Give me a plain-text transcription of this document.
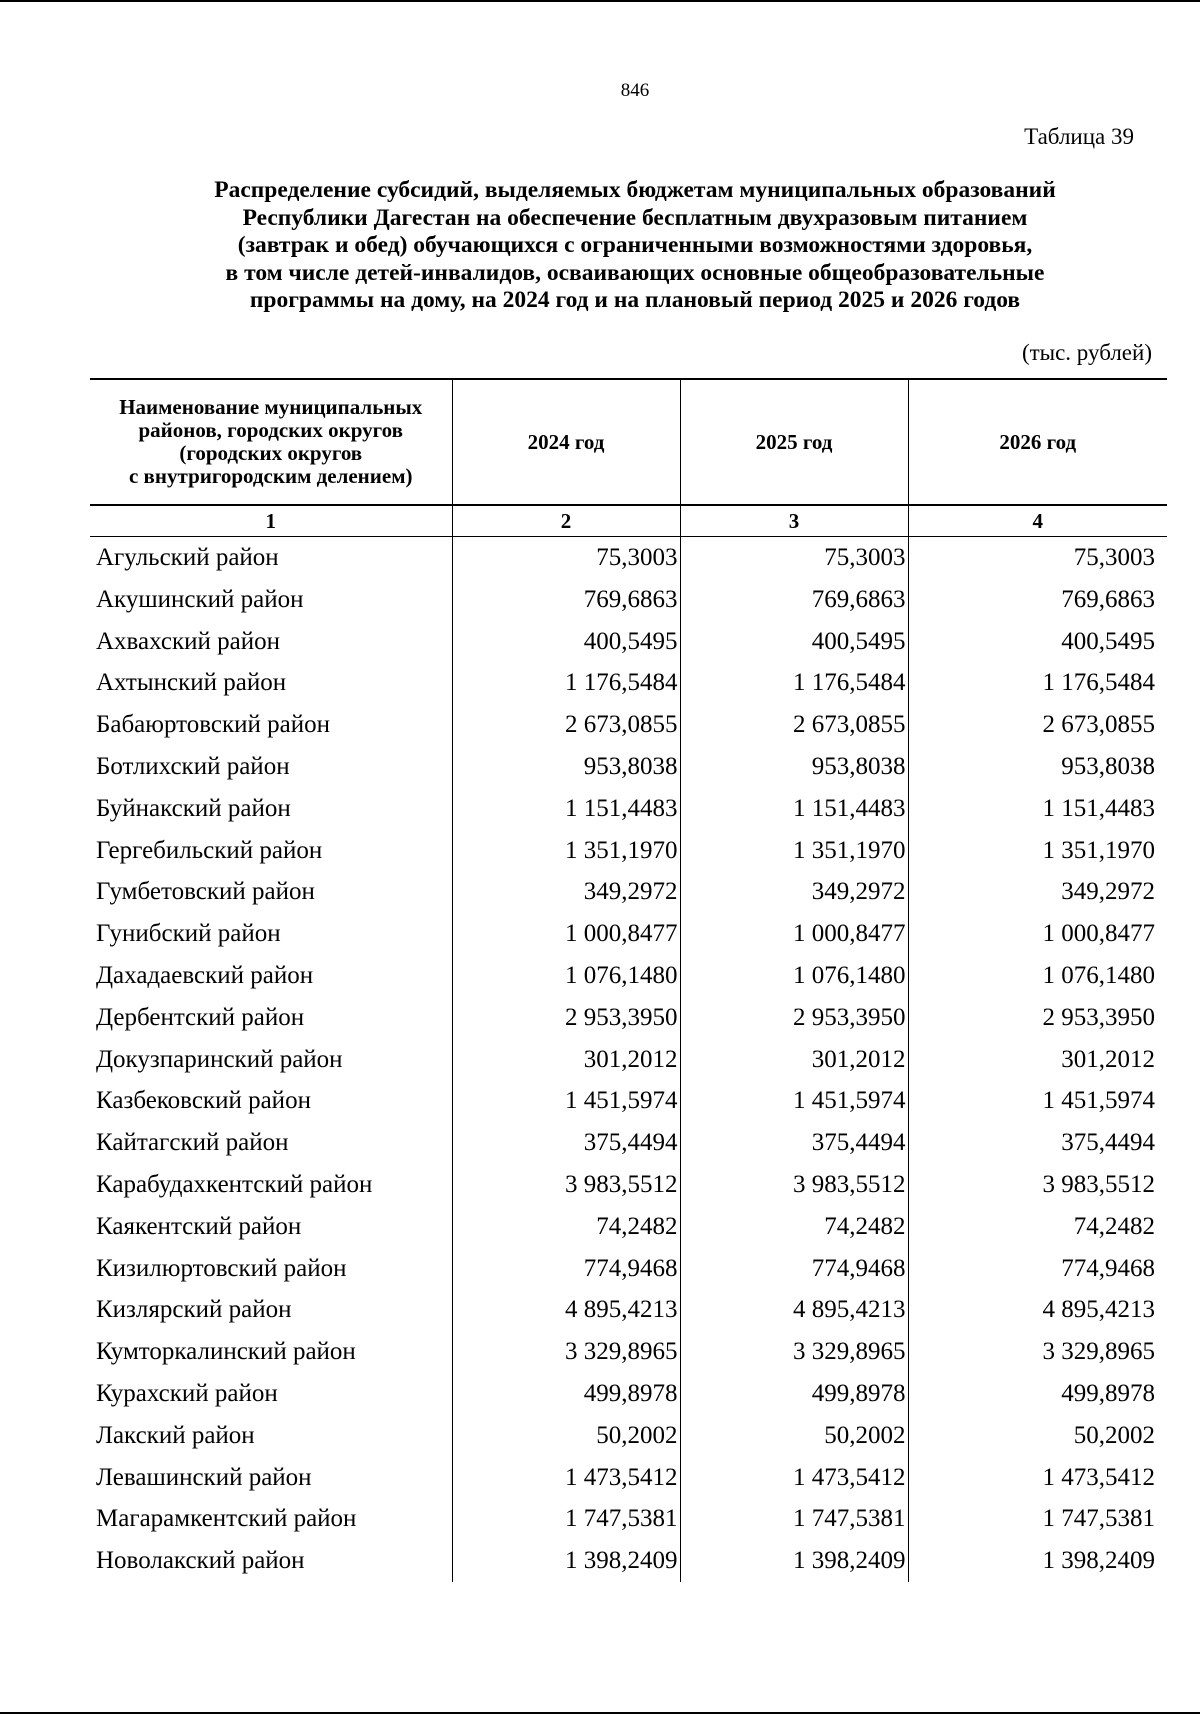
846
Таблица 39
Распределение субсидий, выделяемых бюджетам муниципальных образований
Республики Дагестан на обеспечение бесплатным двухразовым питанием
(завтрак и обед) обучающихся с ограниченными возможностями здоровья,
в том числе детей-инвалидов, осваивающих основные общеобразовательные
программы на дому, на 2024 год и на плановый период 2025 и 2026 годов
(тыс. рублей)
Наименование муниципальных
районов, городских округов
(городских округов
с внутригородским делением)	2024 год	2025 год	2026 год
1	2	3	4
Агульский район	75,3003	75,3003	75,3003
Акушинский район	769,6863	769,6863	769,6863
Ахвахский район	400,5495	400,5495	400,5495
Ахтынский район	1 176,5484	1 176,5484	1 176,5484
Бабаюртовский район	2 673,0855	2 673,0855	2 673,0855
Ботлихский район	953,8038	953,8038	953,8038
Буйнакский район	1 151,4483	1 151,4483	1 151,4483
Гергебильский район	1 351,1970	1 351,1970	1 351,1970
Гумбетовский район	349,2972	349,2972	349,2972
Гунибский район	1 000,8477	1 000,8477	1 000,8477
Дахадаевский район	1 076,1480	1 076,1480	1 076,1480
Дербентский район	2 953,3950	2 953,3950	2 953,3950
Докузпаринский район	301,2012	301,2012	301,2012
Казбековский район	1 451,5974	1 451,5974	1 451,5974
Кайтагский район	375,4494	375,4494	375,4494
Карабудахкентский район	3 983,5512	3 983,5512	3 983,5512
Каякентский район	74,2482	74,2482	74,2482
Кизилюртовский район	774,9468	774,9468	774,9468
Кизлярский район	4 895,4213	4 895,4213	4 895,4213
Кумторкалинский район	3 329,8965	3 329,8965	3 329,8965
Курахский район	499,8978	499,8978	499,8978
Лакский район	50,2002	50,2002	50,2002
Левашинский район	1 473,5412	1 473,5412	1 473,5412
Магарамкентский район	1 747,5381	1 747,5381	1 747,5381
Новолакский район	1 398,2409	1 398,2409	1 398,2409
